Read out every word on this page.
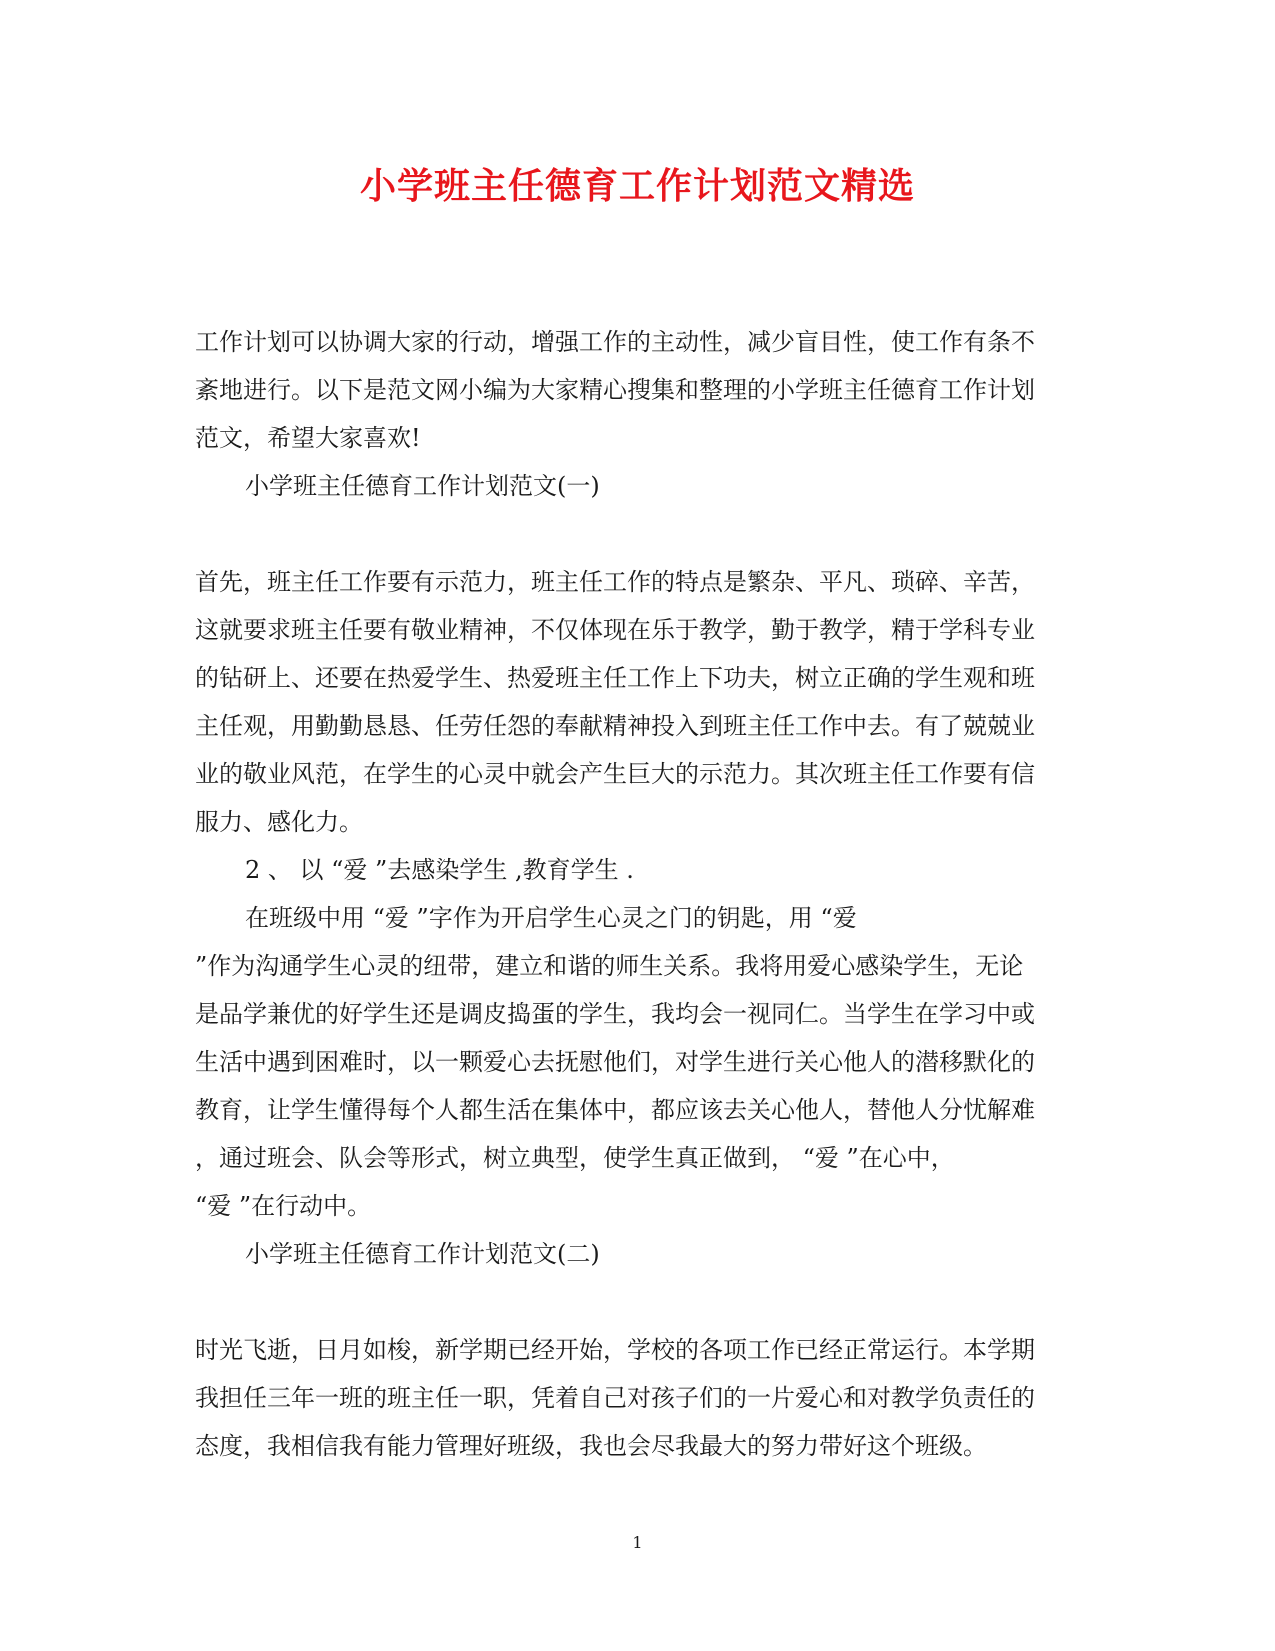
小学班主任德育工作计划范文精选
工作计划可以协调大家的行动，增强工作的主动性，减少盲目性，使工作有条不
紊地进行。以下是范文网小编为大家精心搜集和整理的小学班主任德育工作计划
范文，希望大家喜欢!
小学班主任德育工作计划范文(一)
首先，班主任工作要有示范力，班主任工作的特点是繁杂、平凡、琐碎、辛苦，
这就要求班主任要有敬业精神，不仅体现在乐于教学，勤于教学，精于学科专业
的钻研上、还要在热爱学生、热爱班主任工作上下功夫，树立正确的学生观和班
主任观，用勤勤恳恳、任劳任怨的奉献精神投入到班主任工作中去。有了兢兢业
业的敬业风范，在学生的心灵中就会产生巨大的示范力。其次班主任工作要有信
服力、感化力。
2 、 以 “爱 ”去感染学生 ,教育学生 .
在班级中用 “爱 ”字作为开启学生心灵之门的钥匙，用 “爱
”作为沟通学生心灵的纽带，建立和谐的师生关系。我将用爱心感染学生，无论
是品学兼优的好学生还是调皮捣蛋的学生，我均会一视同仁。当学生在学习中或
生活中遇到困难时，以一颗爱心去抚慰他们，对学生进行关心他人的潜移默化的
教育，让学生懂得每个人都生活在集体中，都应该去关心他人，替他人分忧解难
，通过班会、队会等形式，树立典型，使学生真正做到， “爱 ”在心中，
“爱 ”在行动中。
小学班主任德育工作计划范文(二)
时光飞逝，日月如梭，新学期已经开始，学校的各项工作已经正常运行。本学期
我担任三年一班的班主任一职，凭着自己对孩子们的一片爱心和对教学负责任的
态度，我相信我有能力管理好班级，我也会尽我最大的努力带好这个班级。
1
